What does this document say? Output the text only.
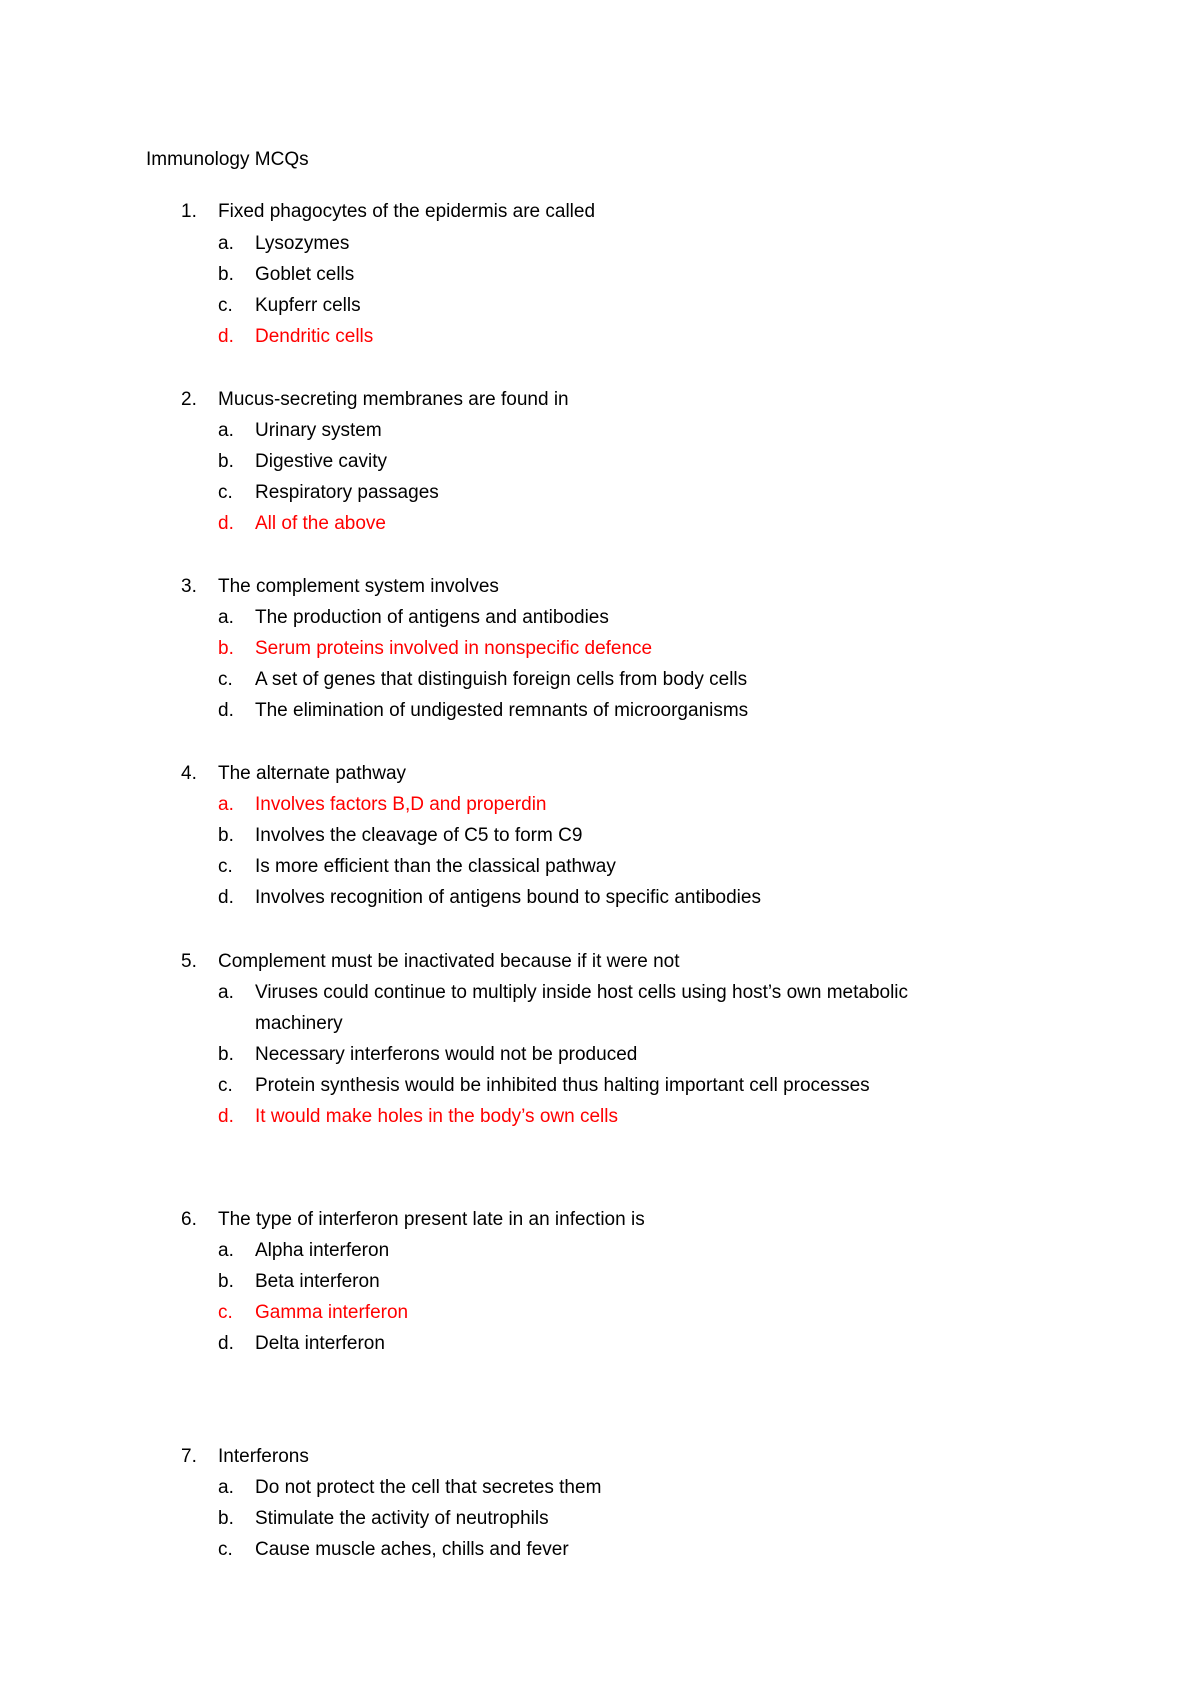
Immunology MCQs
1.	Fixed phagocytes of the epidermis are called
a.	Lysozymes
b.	Goblet cells
c.	Kupferr cells
d.	Dendritic cells
2.	Mucus-secreting membranes are found in
a.	Urinary system
b.	Digestive cavity
c.	Respiratory passages
d.	All of the above
3.	The complement system involves
a.	The production of antigens and antibodies
b.	Serum proteins involved in nonspecific defence
c.	A set of genes that distinguish foreign cells from body cells
d.	The elimination of undigested remnants of microorganisms
4.	The alternate pathway
a.	Involves factors B,D and properdin
b.	Involves the cleavage of C5 to form C9
c.	Is more efficient than the classical pathway
d.	Involves recognition of antigens bound to specific antibodies
5.	Complement must be inactivated because if it were not
a.	Viruses could continue to multiply inside host cells using host’s own metabolic
machinery
b.	Necessary interferons would not be produced
c.	Protein synthesis would be inhibited thus halting important cell processes
d.	It would make holes in the body’s own cells
6.	The type of interferon present late in an infection is
a.	Alpha interferon
b.	Beta interferon
c.	Gamma interferon
d.	Delta interferon
7.	Interferons
a.	Do not protect the cell that secretes them
b.	Stimulate the activity of neutrophils
c.	Cause muscle aches, chills and fever
